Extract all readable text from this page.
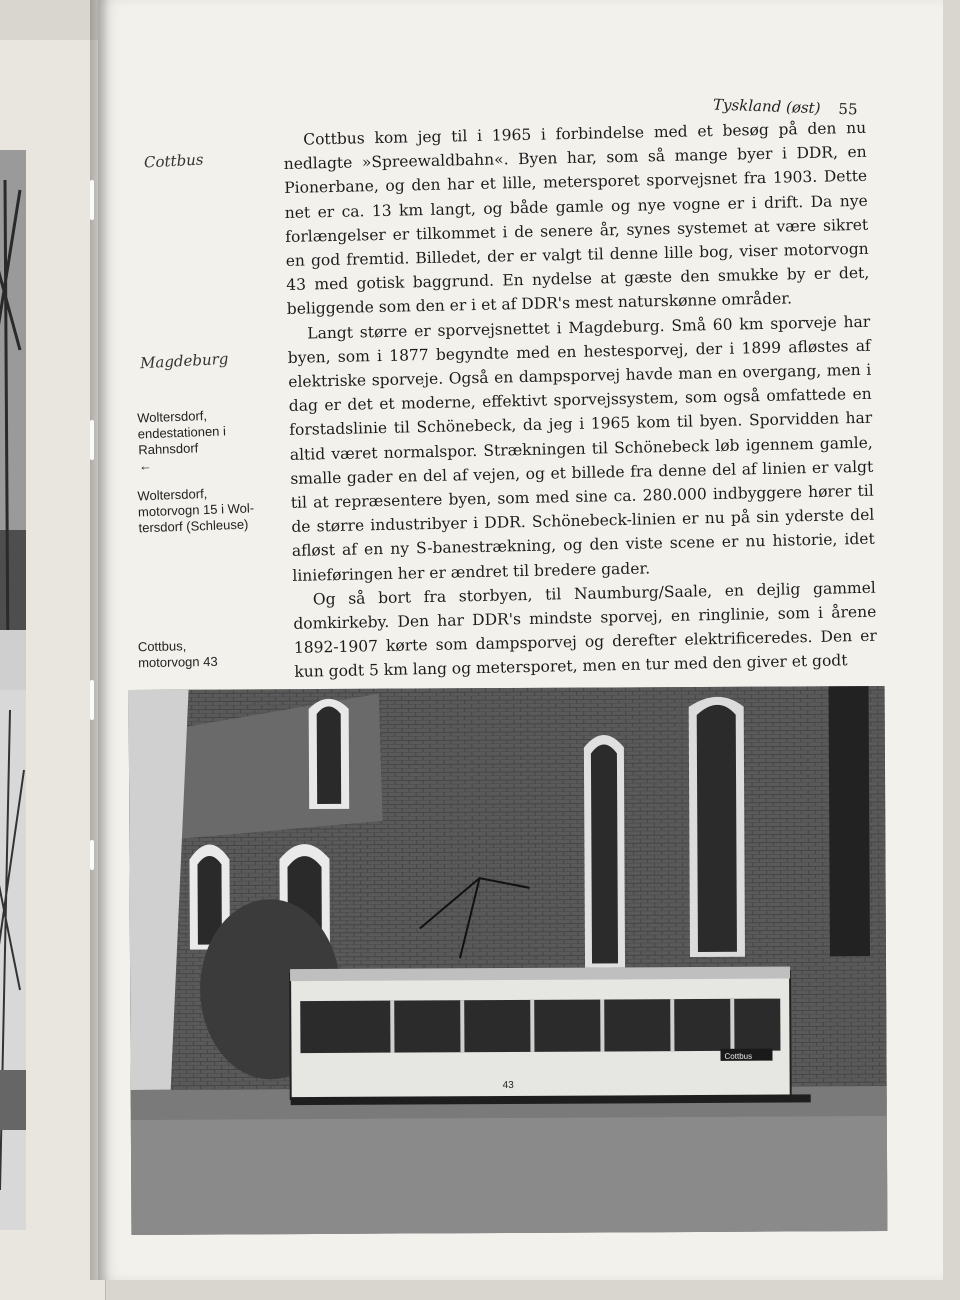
Tyskland (øst) 55
Cottbus
Magdeburg
Woltersdorf,
endestationen i
Rahnsdorf
←
Woltersdorf,
motorvogn 15 i Wol-
tersdorf (Schleuse)
Cottbus,
motorvogn 43

Cottbus kom jeg til i 1965 i forbindelse med et besøg på den nu nedlagte »Spreewaldbahn«. Byen har, som så mange byer i DDR, en Pionerbane, og den har et lille, metersporet sporvejsnet fra 1903. Dette net er ca. 13 km langt, og både gamle og nye vogne er i drift. Da nye forlængelser er tilkommet i de senere år, synes systemet at være sikret en god fremtid. Billedet, der er valgt til denne lille bog, viser motorvogn 43 med gotisk baggrund. En nydelse at gæste den smukke by er det, beliggende som den er i et af DDR's mest naturskønne områder.

Langt større er sporvejsnettet i Magdeburg. Små 60 km sporveje har byen, som i 1877 begyndte med en hestesporvej, der i 1899 afløstes af elektriske sporveje. Også en dampsporvej havde man en overgang, men i dag er det et moderne, effektivt sporvejssystem, som også omfattede en forstadslinie til Schönebeck, da jeg i 1965 kom til byen. Sporvidden har altid været normalspor. Strækningen til Schönebeck løb igennem gamle, smalle gader en del af vejen, og et billede fra denne del af linien er valgt til at repræsentere byen, som med sine ca. 280.000 indbyggere hører til de større industribyer i DDR. Schönebeck-linien er nu på sin yderste del afløst af en ny S-banestrækning, og den viste scene er nu historie, idet linieføringen her er ændret til bredere gader.

Og så bort fra storbyen, til Naumburg/Saale, en dejlig gammel domkirkeby. Den har DDR's mindste sporvej, en ringlinie, som i årene 1892-1907 kørte som dampsporvej og derefter elektrificeredes. Den er kun godt 5 km lang og metersporet, men en tur med den giver et godt

43
Cottbus
